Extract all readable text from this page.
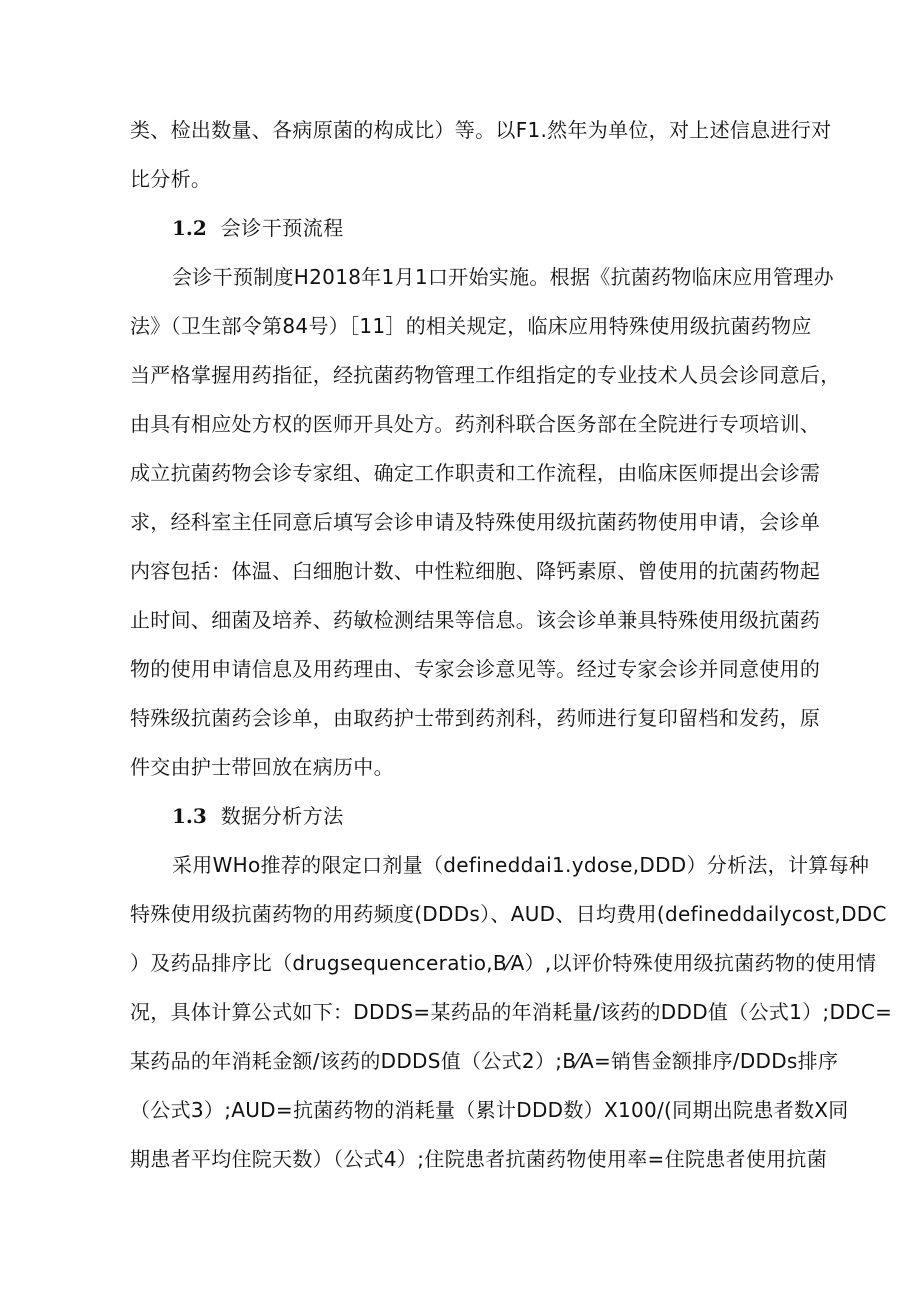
类、检出数量、各病原菌的构成比）等。以F1.然年为单位，对上述信息进行对
比分析。
1.2 会诊干预流程
会诊干预制度H2018年1月1口开始实施。根据《抗菌药物临床应用管理办
法》（卫生部令第84号）［11］的相关规定，临床应用特殊使用级抗菌药物应
当严格掌握用药指征，经抗菌药物管理工作组指定的专业技术人员会诊同意后，
由具有相应处方权的医师开具处方。药剂科联合医务部在全院进行专项培训、
成立抗菌药物会诊专家组、确定工作职责和工作流程，由临床医师提出会诊需
求，经科室主任同意后填写会诊申请及特殊使用级抗菌药物使用申请，会诊单
内容包括：体温、臼细胞计数、中性粒细胞、降钙素原、曾使用的抗菌药物起
止时间、细菌及培养、药敏检测结果等信息。该会诊单兼具特殊使用级抗菌药
物的使用申请信息及用药理由、专家会诊意见等。经过专家会诊并同意使用的
特殊级抗菌药会诊单，由取药护士带到药剂科，药师进行复印留档和发药，原
件交由护士带回放在病历中。
1.3 数据分析方法
采用WHo推荐的限定口剂量（defineddai1.ydose,DDD）分析法，计算每种
特殊使用级抗菌药物的用药频度(DDDs）、AUD、日均费用(defineddailycost,DDC
）及药品排序比（drugsequenceratio,B⁄A）,以评价特殊使用级抗菌药物的使用情
况，具体计算公式如下：DDDS=某药品的年消耗量/该药的DDD值（公式1）;DDC=
某药品的年消耗金额/该药的DDDS值（公式2）;B⁄A=销售金额排序/DDDs排序
（公式3）;AUD=抗菌药物的消耗量（累计DDD数）X100/(同期出院患者数X同
期患者平均住院天数）（公式4）;住院患者抗菌药物使用率=住院患者使用抗菌
